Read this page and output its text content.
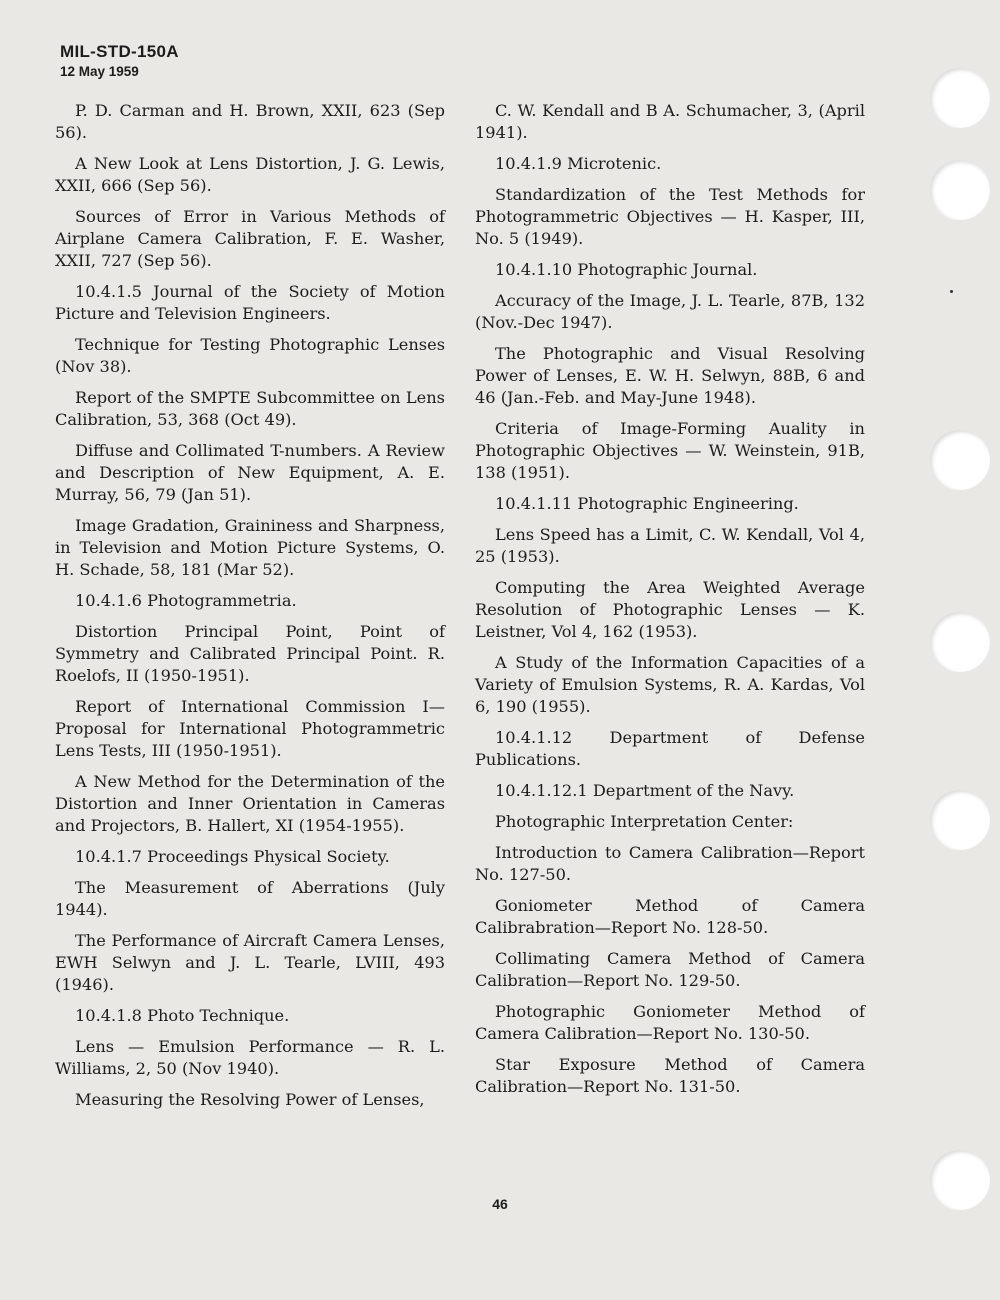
MIL-STD-150A
12 May 1959

P. D. Carman and H. Brown, XXII, 623 (Sep 56).

A New Look at Lens Distortion, J. G. Lewis, XXII, 666 (Sep 56).

Sources of Error in Various Methods of Airplane Camera Calibration, F. E. Washer, XXII, 727 (Sep 56).

10.4.1.5 Journal of the Society of Motion Picture and Television Engineers.

Technique for Testing Photographic Lenses (Nov 38).

Report of the SMPTE Subcommittee on Lens Calibration, 53, 368 (Oct 49).

Diffuse and Collimated T-numbers. A Review and Description of New Equipment, A. E. Murray, 56, 79 (Jan 51).

Image Gradation, Graininess and Sharpness, in Television and Motion Picture Systems, O. H. Schade, 58, 181 (Mar 52).

10.4.1.6 Photogrammetria.

Distortion Principal Point, Point of Symmetry and Calibrated Principal Point. R. Roelofs, II (1950-1951).

Report of International Commission I— Proposal for International Photogrammetric Lens Tests, III (1950-1951).

A New Method for the Determination of the Distortion and Inner Orientation in Cameras and Projectors, B. Hallert, XI (1954-1955).

10.4.1.7 Proceedings Physical Society.

The Measurement of Aberrations (July 1944).

The Performance of Aircraft Camera Lenses, EWH Selwyn and J. L. Tearle, LVIII, 493 (1946).

10.4.1.8 Photo Technique.

Lens — Emulsion Performance — R. L. Williams, 2, 50 (Nov 1940).

Measuring the Resolving Power of Lenses,

C. W. Kendall and B A. Schumacher, 3, (April 1941).

10.4.1.9 Microtenic.

Standardization of the Test Methods for Photogrammetric Objectives — H. Kasper, III, No. 5 (1949).

10.4.1.10 Photographic Journal.

Accuracy of the Image, J. L. Tearle, 87B, 132 (Nov.-Dec 1947).

The Photographic and Visual Resolving Power of Lenses, E. W. H. Selwyn, 88B, 6 and 46 (Jan.-Feb. and May-June 1948).

Criteria of Image-Forming Auality in Photographic Objectives — W. Weinstein, 91B, 138 (1951).

10.4.1.11 Photographic Engineering.

Lens Speed has a Limit, C. W. Kendall, Vol 4, 25 (1953).

Computing the Area Weighted Average Resolution of Photographic Lenses — K. Leistner, Vol 4, 162 (1953).

A Study of the Information Capacities of a Variety of Emulsion Systems, R. A. Kardas, Vol 6, 190 (1955).

10.4.1.12 Department of Defense Publications.

10.4.1.12.1 Department of the Navy.

Photographic Interpretation Center:

Introduction to Camera Calibration—Report No. 127-50.

Goniometer Method of Camera Calibrabration—Report No. 128-50.

Collimating Camera Method of Camera Calibration—Report No. 129-50.

Photographic Goniometer Method of Camera Calibration—Report No. 130-50.

Star Exposure Method of Camera Calibration—Report No. 131-50.

46
